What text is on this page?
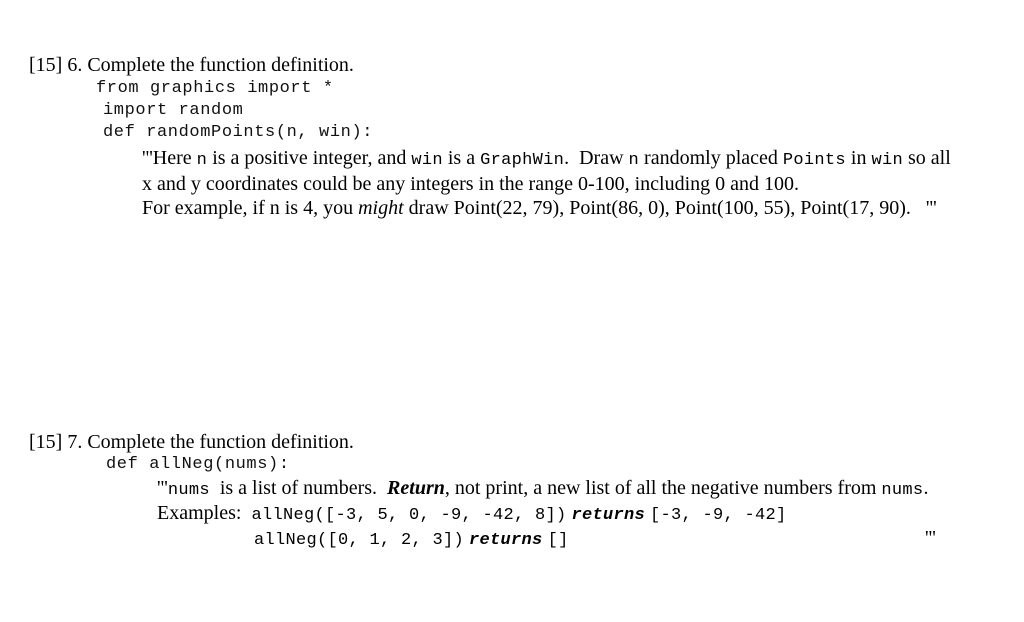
[15] 6. Complete the function definition.
from graphics import *
import random
def randomPoints(n, win):
'''Here n is a positive integer, and win is a GraphWin.  Draw n randomly placed Points in win so all
x and y coordinates could be any integers in the range 0-100, including 0 and 100.
For example, if n is 4, you might draw Point(22, 79), Point(86, 0), Point(100, 55), Point(17, 90).   '''
[15] 7. Complete the function definition.
def allNeg(nums):
'''nums  is a list of numbers.  Return, not print, a new list of all the negative numbers from nums.
Examples:  allNeg([-3, 5, 0, -9, -42, 8]) returns [-3, -9, -42]
allNeg([0, 1, 2, 3]) returns []	'''
